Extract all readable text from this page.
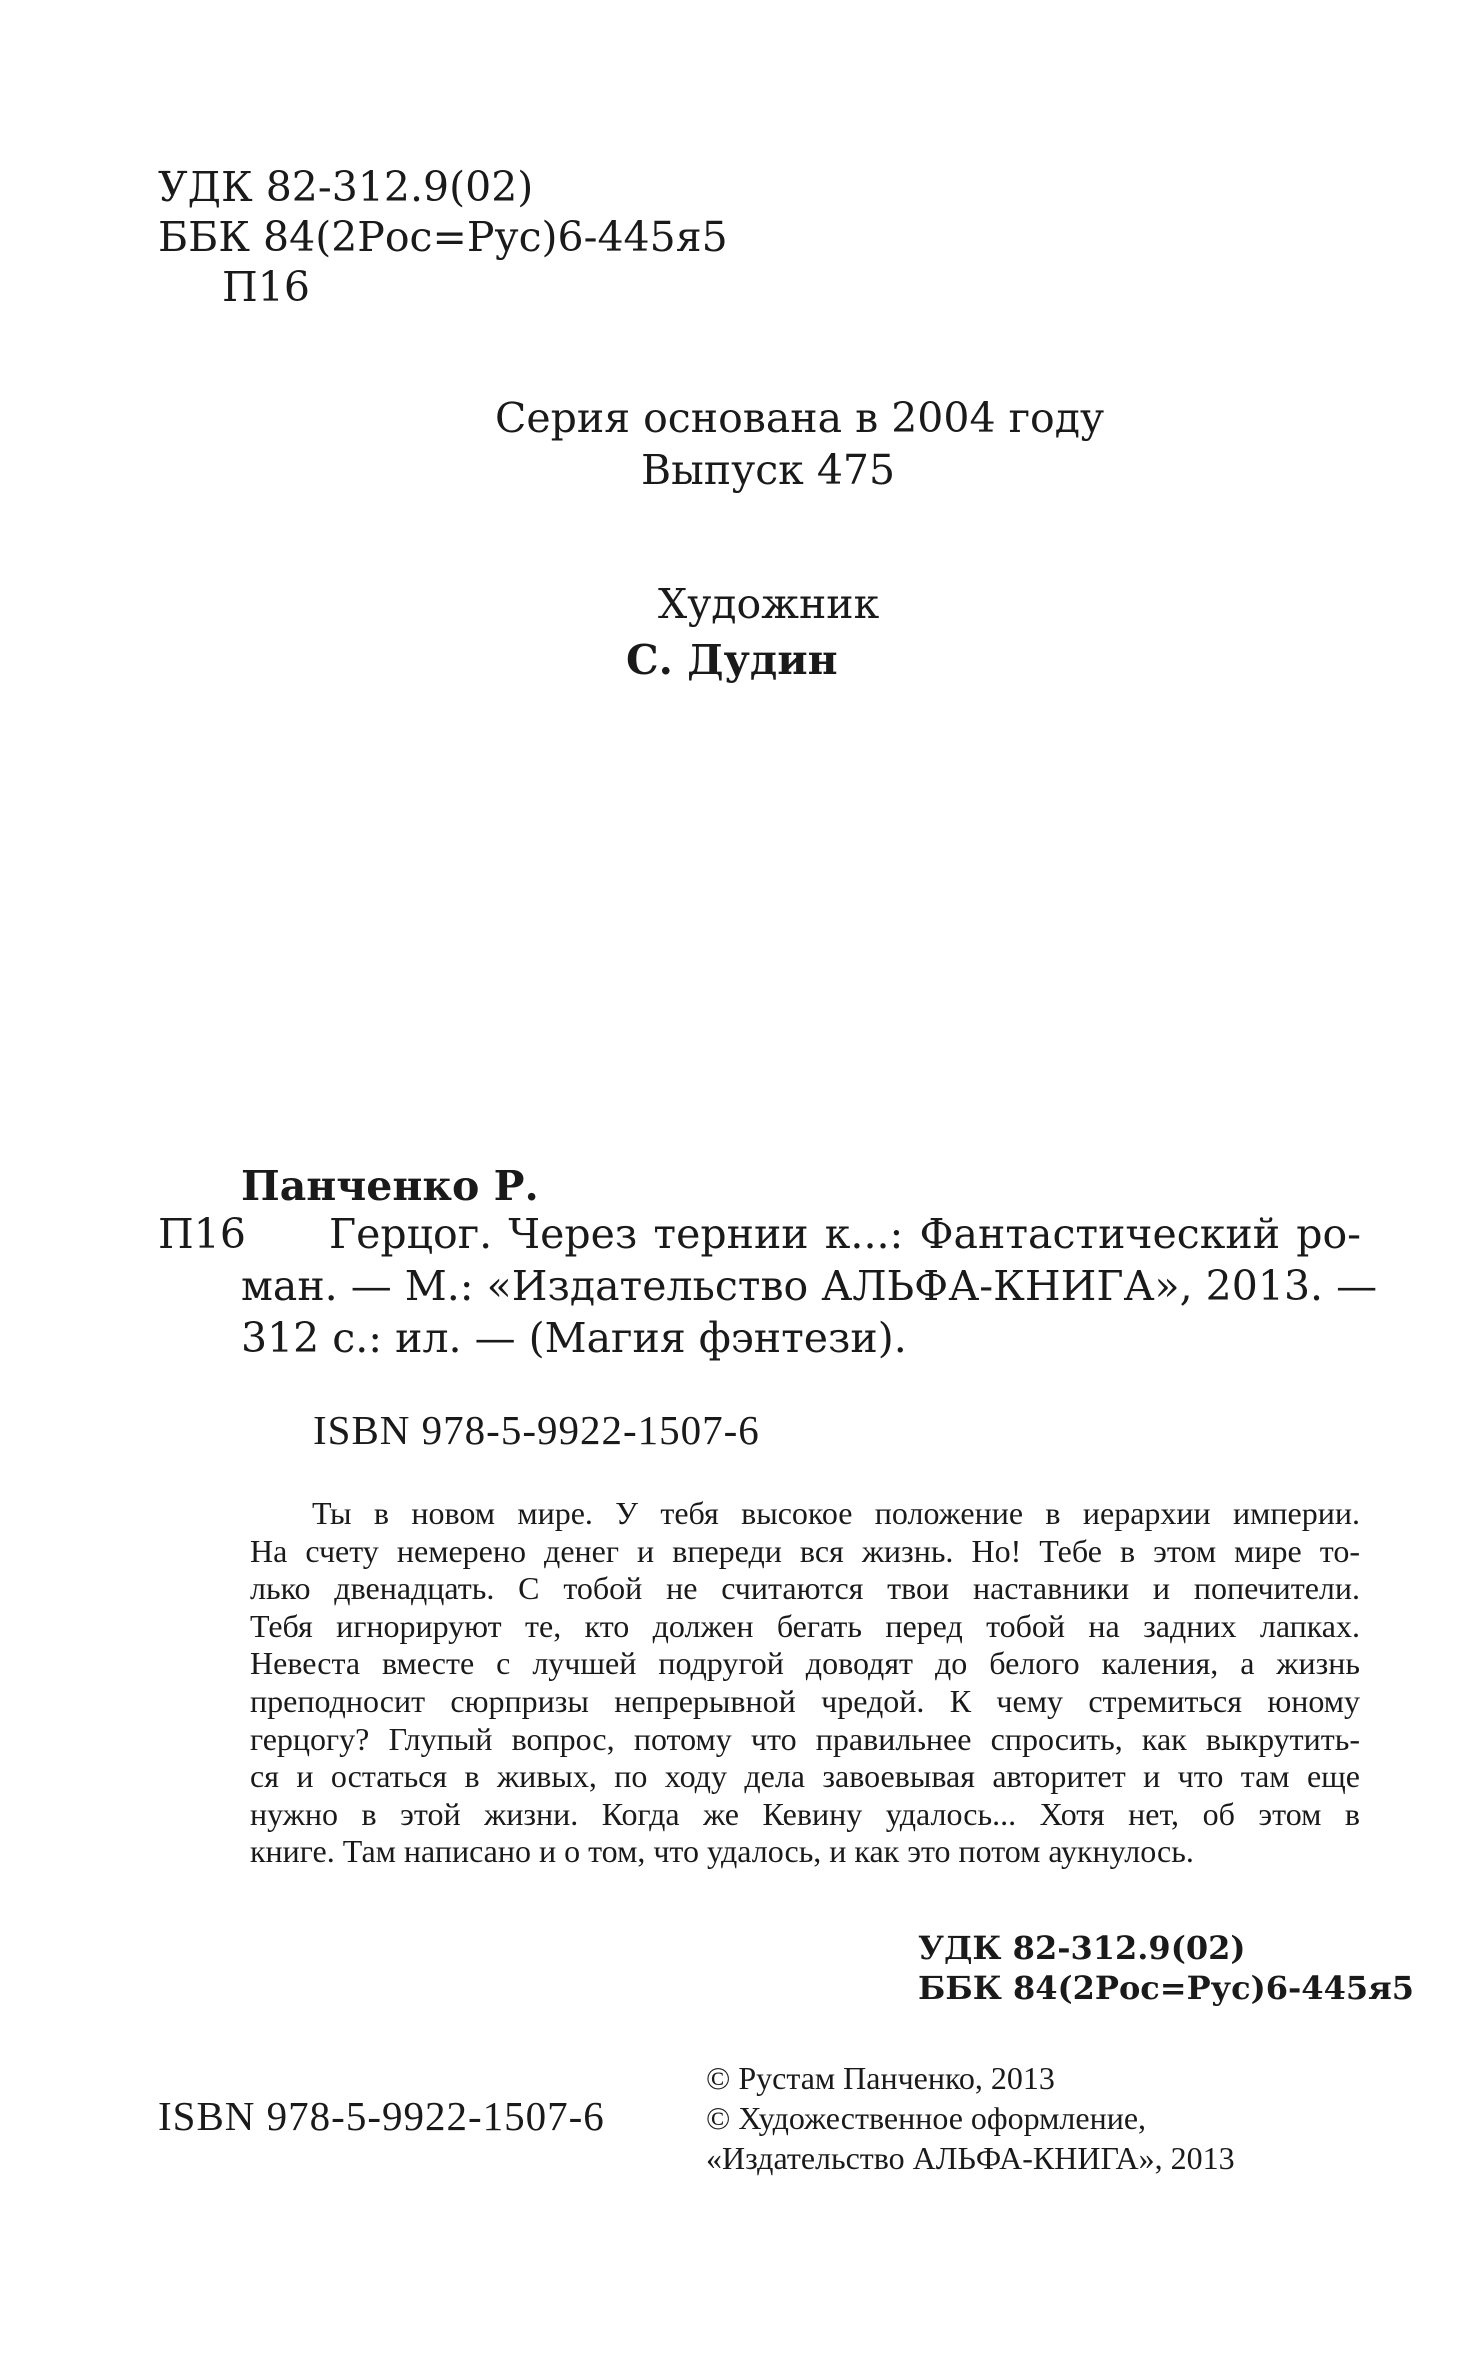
УДК 82-312.9(02)
ББК 84(2Рос=Рус)6-445я5
П16
Серия основана в 2004 году
Выпуск 475
Художник
С. Дудин
Панченко Р.
П16	Герцог. Через тернии к...: Фантастический ро-
ман. — М.: «Издательство АЛЬФА-КНИГА», 2013. —
312 с.: ил. — (Магия фэнтези).
ISBN 978-5-9922-1507-6
Ты в новом мире. У тебя высокое положение в иерархии империи.
На счету немерено денег и впереди вся жизнь. Но! Тебе в этом мире то-
лько двенадцать. С тобой не считаются твои наставники и попечители.
Тебя игнорируют те, кто должен бегать перед тобой на задних лапках.
Невеста вместе с лучшей подругой доводят до белого каления, а жизнь
преподносит сюрпризы непрерывной чредой. К чему стремиться юному
герцогу? Глупый вопрос, потому что правильнее спросить, как выкрутить-
ся и остаться в живых, по ходу дела завоевывая авторитет и что там еще
нужно в этой жизни. Когда же Кевину удалось... Хотя нет, об этом в
книге. Там написано и о том, что удалось, и как это потом аукнулось.
УДК 82-312.9(02)
ББК 84(2Рос=Рус)6-445я5
© Рустам Панченко, 2013
© Художественное оформление,
«Издательство АЛЬФА-КНИГА», 2013
ISBN 978-5-9922-1507-6
